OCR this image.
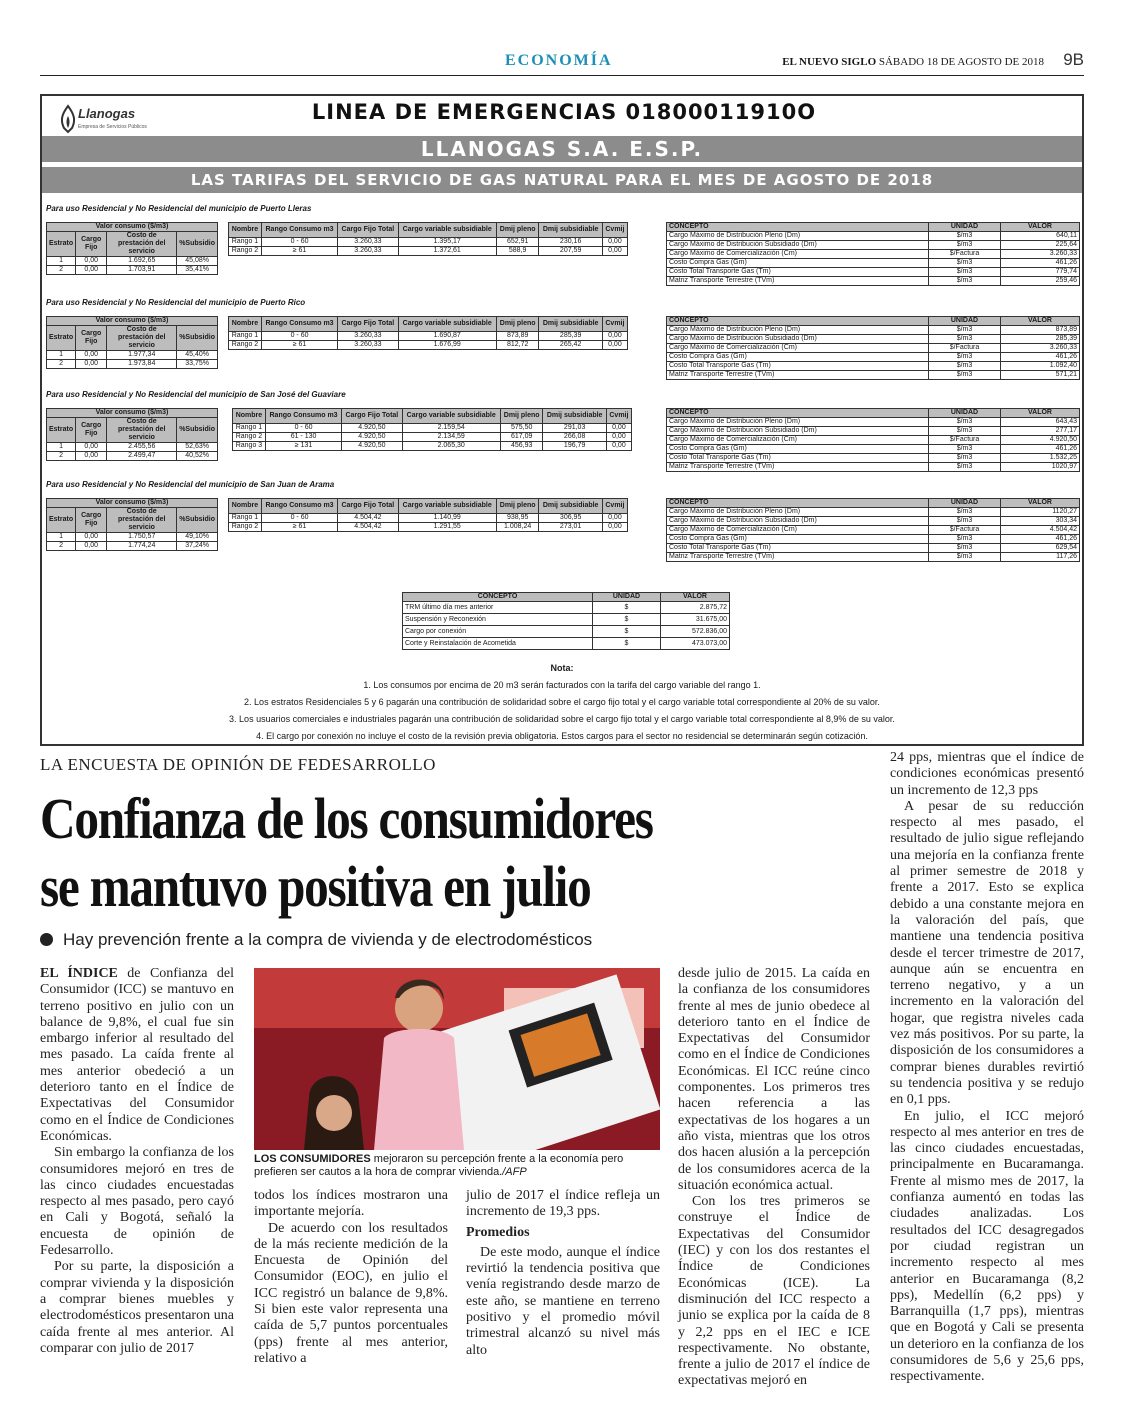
ECONOMÍA	EL NUEVO SIGLO SÁBADO 18 DE AGOSTO DE 2018 9B
Llanogas
Empresa de Servicios Públicos
LINEA DE EMERGENCIAS 01800011910O
LLANOGAS S.A. E.S.P.
LAS TARIFAS DEL SERVICIO DE GAS NATURAL PARA EL MES DE AGOSTO DE 2018
Para uso Residencial y No Residencial del municipio de Puerto Lleras
Valor consumo ($/m3)			
Estrato	Cargo Fijo	Costo de prestación del servicio	%Subsidio
1	0,00	1.692,65	45,08%
2	0,00	1.703,91	35,41%
Nombre	Rango Consumo m3	Cargo Fijo Total	Cargo variable subsidiable	Dmij pleno	Dmij subsidiable	Cvmij
Rango 1	0 - 60	3.260,33	1.395,17	652,91	230,16	0,00
Rango 2	≥ 61	3.260,33	1.372,61	588,9	207,59	0,00
CONCEPTO	UNIDAD	VALOR
Cargo Máximo de Distribución Pleno (Dm)	$/m3	640,11
Cargo Máximo de Distribución Subsidiado (Dm)	$/m3	225,64
Cargo Máximo de Comercialización (Cm)	$/Factura	3.260,33
Costo Compra Gas (Gm)	$/m3	461,26
Costo Total Transporte Gas (Tm)	$/m3	779,74
Matriz Transporte Terrestre (TVm)	$/m3	259,46
Para uso Residencial y No Residencial del municipio de Puerto Rico
Valor consumo ($/m3)			
Estrato	Cargo Fijo	Costo de prestación del servicio	%Subsidio
1	0,00	1.977,34	45,40%
2	0,00	1.973,84	33,75%
Nombre	Rango Consumo m3	Cargo Fijo Total	Cargo variable subsidiable	Dmij pleno	Dmij subsidiable	Cvmij
Rango 1	0 - 60	3.260,33	1.690,87	873,89	285,39	0,00
Rango 2	≥ 61	3.260,33	1.676,99	812,72	265,42	0,00
CONCEPTO	UNIDAD	VALOR
Cargo Máximo de Distribución Pleno (Dm)	$/m3	873,89
Cargo Máximo de Distribución Subsidiado (Dm)	$/m3	285,39
Cargo Máximo de Comercialización (Cm)	$/Factura	3.260,33
Costo Compra Gas (Gm)	$/m3	461,26
Costo Total Transporte Gas (Tm)	$/m3	1.092,40
Matriz Transporte Terrestre (TVm)	$/m3	571,21
Para uso Residencial y No Residencial del municipio de San José del Guaviare
Valor consumo ($/m3)			
Estrato	Cargo Fijo	Costo de prestación del servicio	%Subsidio
1	0,00	2.455,56	52,63%
2	0,00	2.499,47	40,52%
Nombre	Rango Consumo m3	Cargo Fijo Total	Cargo variable subsidiable	Dmij pleno	Dmij subsidiable	Cvmij
Rango 1	0 - 60	4.920,50	2.159,54	575,50	291,03	0,00
Rango 2	61 - 130	4.920,50	2.134,59	617,09	266,08	0,00
Rango 3	≥ 131	4.920,50	2.065,30	456,93	196,79	0,00
CONCEPTO	UNIDAD	VALOR
Cargo Máximo de Distribución Pleno (Dm)	$/m3	643,43
Cargo Máximo de Distribución Subsidiado (Dm)	$/m3	277,17
Cargo Máximo de Comercialización (Cm)	$/Factura	4.920,50
Costo Compra Gas (Gm)	$/m3	461,26
Costo Total Transporte Gas (Tm)	$/m3	1.532,25
Matriz Transporte Terrestre (TVm)	$/m3	1020,97
Para uso Residencial y No Residencial del municipio de San Juan de Arama
Valor consumo ($/m3)			
Estrato	Cargo Fijo	Costo de prestación del servicio	%Subsidio
1	0,00	1.750,57	49,10%
2	0,00	1.774,24	37,24%
Nombre	Rango Consumo m3	Cargo Fijo Total	Cargo variable subsidiable	Dmij pleno	Dmij subsidiable	Cvmij
Rango 1	0 - 60	4.504,42	1.140,99	938,95	306,95	0,00
Rango 2	≥ 61	4.504,42	1.291,55	1.008,24	273,01	0,00
CONCEPTO	UNIDAD	VALOR
Cargo Máximo de Distribución Pleno (Dm)	$/m3	1120,27
Cargo Máximo de Distribución Subsidiado (Dm)	$/m3	303,34
Cargo Máximo de Comercialización (Cm)	$/Factura	4.504,42
Costo Compra Gas (Gm)	$/m3	461,26
Costo Total Transporte Gas (Tm)	$/m3	629,54
Matriz Transporte Terrestre (TVm)	$/m3	117,26
CONCEPTO	UNIDAD	VALOR
TRM último día mes anterior	$	2.875,72
Suspensión y Reconexión	$	31.675,00
Cargo por conexión	$	572.836,00
Corte y Reinstalación de Acometida	$	473.073,00
Nota:
1. Los consumos por encima de 20 m3 serán facturados con la tarifa del cargo variable del rango 1.
2. Los estratos Residenciales 5 y 6 pagarán una contribución de solidaridad sobre el cargo fijo total y el cargo variable total correspondiente al 20% de su valor.
3. Los usuarios comerciales e industriales pagarán una contribución de solidaridad sobre el cargo fijo total y el cargo variable total correspondiente al 8,9% de su valor.
4. El cargo por conexión no incluye el costo de la revisión previa obligatoria. Estos cargos para el sector no residencial se determinarán según cotización.
LA ENCUESTA DE OPINIÓN DE FEDESARROLLO
Confianza de los consumidores
se mantuvo positiva en julio
Hay prevención frente a la compra de vivienda y de electrodomésticos

EL ÍNDICE de Confianza del Consumidor (ICC) se mantuvo en terreno positivo en julio con un balance de 9,8%, el cual fue sin embargo inferior al resultado del mes pasado. La caída frente al mes anterior obedeció a un deterioro tanto en el Índice de Expectativas del Consumidor como en el Índice de Condiciones Económicas.

Sin embargo la confianza de los consumidores mejoró en tres de las cinco ciudades encuestadas respecto al mes pasado, pero cayó en Cali y Bogotá, señaló la encuesta de opinión de Fedesarrollo.

Por su parte, la disposición a comprar vivienda y la disposición a comprar bienes muebles y electrodomésticos presentaron una caída frente al mes anterior. Al comparar con julio de 2017

LOS CONSUMIDORES mejoraron su percepción frente a la economía pero prefieren ser cautos a la hora de comprar vivienda./AFP

todos los índices mostraron una importante mejoría.

De acuerdo con los resultados de la más reciente medición de la Encuesta de Opinión del Consumidor (EOC), en julio el ICC registró un balance de 9,8%. Si bien este valor representa una caída de 5,7 puntos porcentuales (pps) frente al mes anterior, relativo a

julio de 2017 el índice refleja un incremento de 19,3 pps.

Promedios

De este modo, aunque el índice revirtió la tendencia positiva que venía registrando desde marzo de este año, se mantiene en terreno positivo y el promedio móvil trimestral alcanzó su nivel más alto

desde julio de 2015. La caída en la confianza de los consumidores frente al mes de junio obedece al deterioro tanto en el Índice de Expectativas del Consumidor como en el Índice de Condiciones Económicas. El ICC reúne cinco componentes. Los primeros tres hacen referencia a las expectativas de los hogares a un año vista, mientras que los otros dos hacen alusión a la percepción de los consumidores acerca de la situación económica actual.

Con los tres primeros se construye el Índice de Expectativas del Consumidor (IEC) y con los dos restantes el Índice de Condiciones Económicas (ICE). La disminución del ICC respecto a junio se explica por la caída de 8 y 2,2 pps en el IEC e ICE respectivamente. No obstante, frente a julio de 2017 el índice de expectativas mejoró en

24 pps, mientras que el índice de condiciones económicas presentó un incremento de 12,3 pps

A pesar de su reducción respecto al mes pasado, el resultado de julio sigue reflejando una mejoría en la confianza frente al primer semestre de 2018 y frente a 2017. Esto se explica debido a una constante mejora en la valoración del país, que mantiene una tendencia positiva desde el tercer trimestre de 2017, aunque aún se encuentra en terreno negativo, y a un incremento en la valoración del hogar, que registra niveles cada vez más positivos. Por su parte, la disposición de los consumidores a comprar bienes durables revirtió su tendencia positiva y se redujo en 0,1 pps.

En julio, el ICC mejoró respecto al mes anterior en tres de las cinco ciudades encuestadas, principalmente en Bucaramanga. Frente al mismo mes de 2017, la confianza aumentó en todas las ciudades analizadas. Los resultados del ICC desagregados por ciudad registran un incremento respecto al mes anterior en Bucaramanga (8,2 pps), Medellín (6,2 pps) y Barranquilla (1,7 pps), mientras que en Bogotá y Cali se presenta un deterioro en la confianza de los consumidores de 5,6 y 25,6 pps, respectivamente.
